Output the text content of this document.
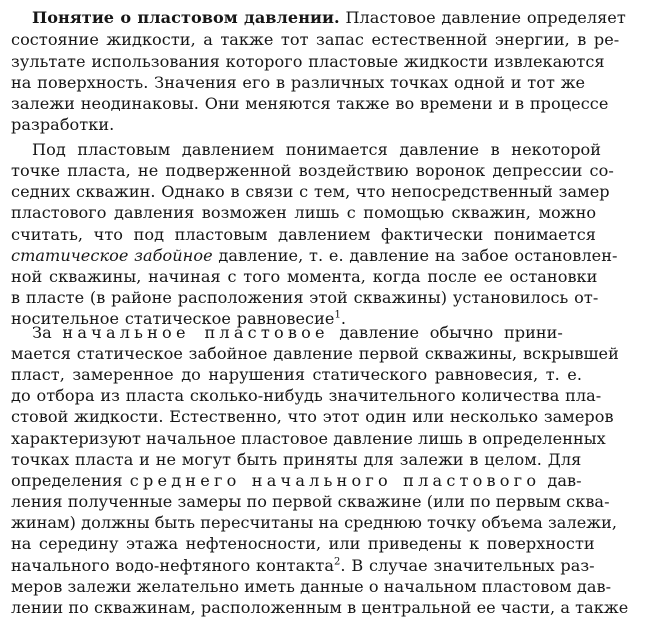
Понятие о пластовом давлении. Пластовое давление определяет
состояние жидкости, а также тот запас естественной энергии, в ре-
зультате использования которого пластовые жидкости извлекаются
на поверхность. Значения его в различных точках одной и тот же
залежи неодинаковы. Они меняются также во времени и в процессе
разработки.
Под пластовым давлением понимается давление в некоторой
точке пласта, не подверженной воздействию воронок депрессии со-
седних скважин. Однако в связи с тем, что непосредственный замер
пластового давления возможен лишь с помощью скважин, можно
считать, что под пластовым давлением фактически понимается
статическое забойное давление, т. е. давление на забое остановлен-
ной скважины, начиная с того момента, когда после ее остановки
в пласте (в районе расположения этой скважины) установилось от-
носительное статическое равновесие$^1$.
За начальное пластовое давление обычно прини-
мается статическое забойное давление первой скважины, вскрывшей
пласт, замеренное до нарушения статического равновесия, т. е.
до отбора из пласта сколько-нибудь значительного количества пла-
стовой жидкости. Естественно, что этот один или несколько замеров
характеризуют начальное пластовое давление лишь в определенных
точках пласта и не могут быть приняты для залежи в целом. Для
определения среднего начального пластового дав-
ления полученные замеры по первой скважине (или по первым сква-
жинам) должны быть пересчитаны на среднюю точку объема залежи,
на середину этажа нефтеносности, или приведены к поверхности
начального водо-нефтяного контакта$^2$. В случае значительных раз-
меров залежи желательно иметь данные о начальном пластовом дав-
лении по скважинам, расположенным в центральной ее части, а также
